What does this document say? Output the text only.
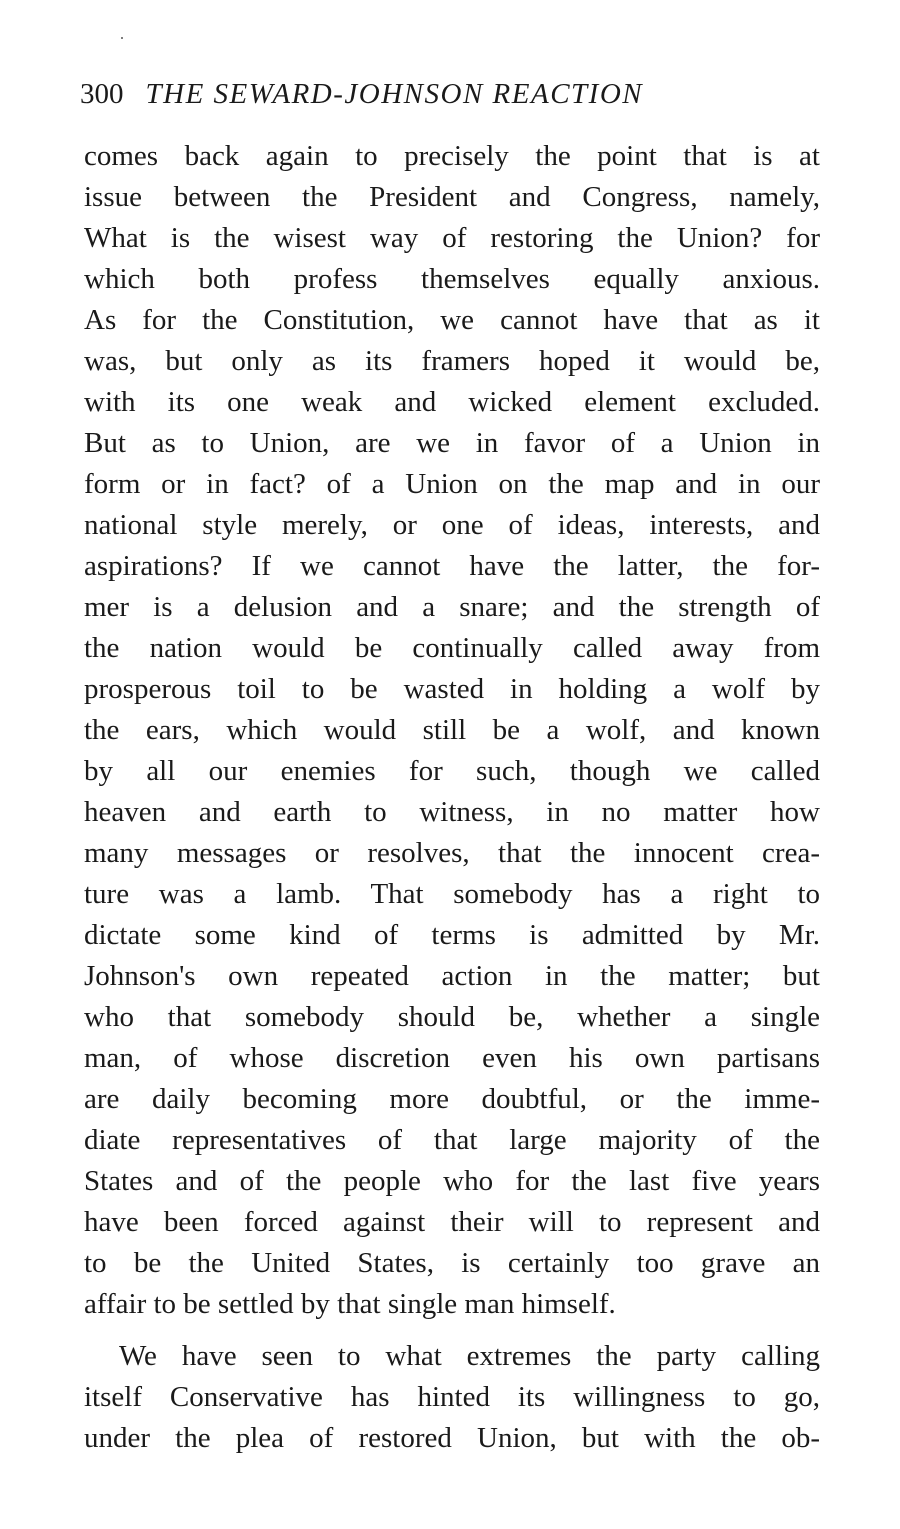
300 THE SEWARD-JOHNSON REACTION
comes back again to precisely the point that is at
issue between the President and Congress, namely,
What is the wisest way of restoring the Union? for
which both profess themselves equally anxious.
As for the Constitution, we cannot have that as it
was, but only as its framers hoped it would be,
with its one weak and wicked element excluded.
But as to Union, are we in favor of a Union in
form or in fact? of a Union on the map and in our
national style merely, or one of ideas, interests, and
aspirations? If we cannot have the latter, the for-
mer is a delusion and a snare; and the strength of
the nation would be continually called away from
prosperous toil to be wasted in holding a wolf by
the ears, which would still be a wolf, and known
by all our enemies for such, though we called
heaven and earth to witness, in no matter how
many messages or resolves, that the innocent crea-
ture was a lamb. That somebody has a right to
dictate some kind of terms is admitted by Mr.
Johnson's own repeated action in the matter; but
who that somebody should be, whether a single
man, of whose discretion even his own partisans
are daily becoming more doubtful, or the imme-
diate representatives of that large majority of the
States and of the people who for the last five years
have been forced against their will to represent and
to be the United States, is certainly too grave an
affair to be settled by that single man himself.
We have seen to what extremes the party calling
itself Conservative has hinted its willingness to go,
under the plea of restored Union, but with the ob-
